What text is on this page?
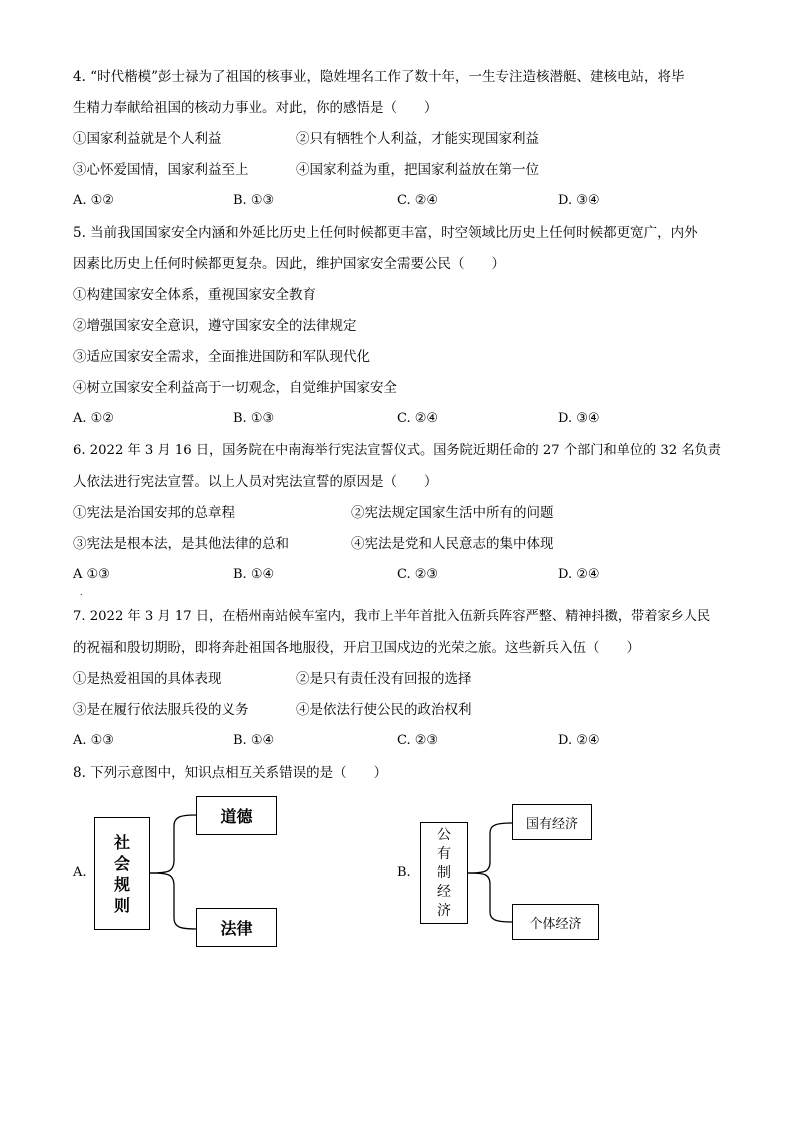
4. “时代楷模”彭士禄为了祖国的核事业，隐姓埋名工作了数十年，一生专注造核潜艇、建核电站，将毕
生精力奉献给祖国的核动力事业。对此，你的感悟是（　　）
①国家利益就是个人利益	②只有牺牲个人利益，才能实现国家利益
③心怀爱国情，国家利益至上	④国家利益为重，把国家利益放在第一位
A. ①②	B. ①③	C. ②④	D. ③④
5. 当前我国国家安全内涵和外延比历史上任何时候都更丰富，时空领域比历史上任何时候都更宽广，内外
因素比历史上任何时候都更复杂。因此，维护国家安全需要公民（　　）
①构建国家安全体系，重视国家安全教育
②增强国家安全意识，遵守国家安全的法律规定
③适应国家安全需求，全面推进国防和军队现代化
④树立国家安全利益高于一切观念，自觉维护国家安全
A. ①②	B. ①③	C. ②④	D. ③④
6. 2022 年 3 月 16 日，国务院在中南海举行宪法宣誓仪式。国务院近期任命的 27 个部门和单位的 32 名负责
人依法进行宪法宣誓。以上人员对宪法宣誓的原因是（　　）
①宪法是治国安邦的总章程	②宪法规定国家生活中所有的问题
③宪法是根本法，是其他法律的总和	④宪法是党和人民意志的集中体现
A ①③	B. ①④	C. ②③	D. ②④
.
7. 2022 年 3 月 17 日，在梧州南站候车室内，我市上半年首批入伍新兵阵容严整、精神抖擞，带着家乡人民
的祝福和殷切期盼，即将奔赴祖国各地服役，开启卫国戍边的光荣之旅。这些新兵入伍（　　）
①是热爱祖国的具体表现	②是只有责任没有回报的选择
③是在履行依法服兵役的义务	④是依法行使公民的政治权利
A. ①③	B. ①④	C. ②③	D. ②④
8. 下列示意图中，知识点相互关系错误的是（　　）
A.
社
会
规
则
道德
法律
B.
公
有
制
经
济
国有经济
个体经济
